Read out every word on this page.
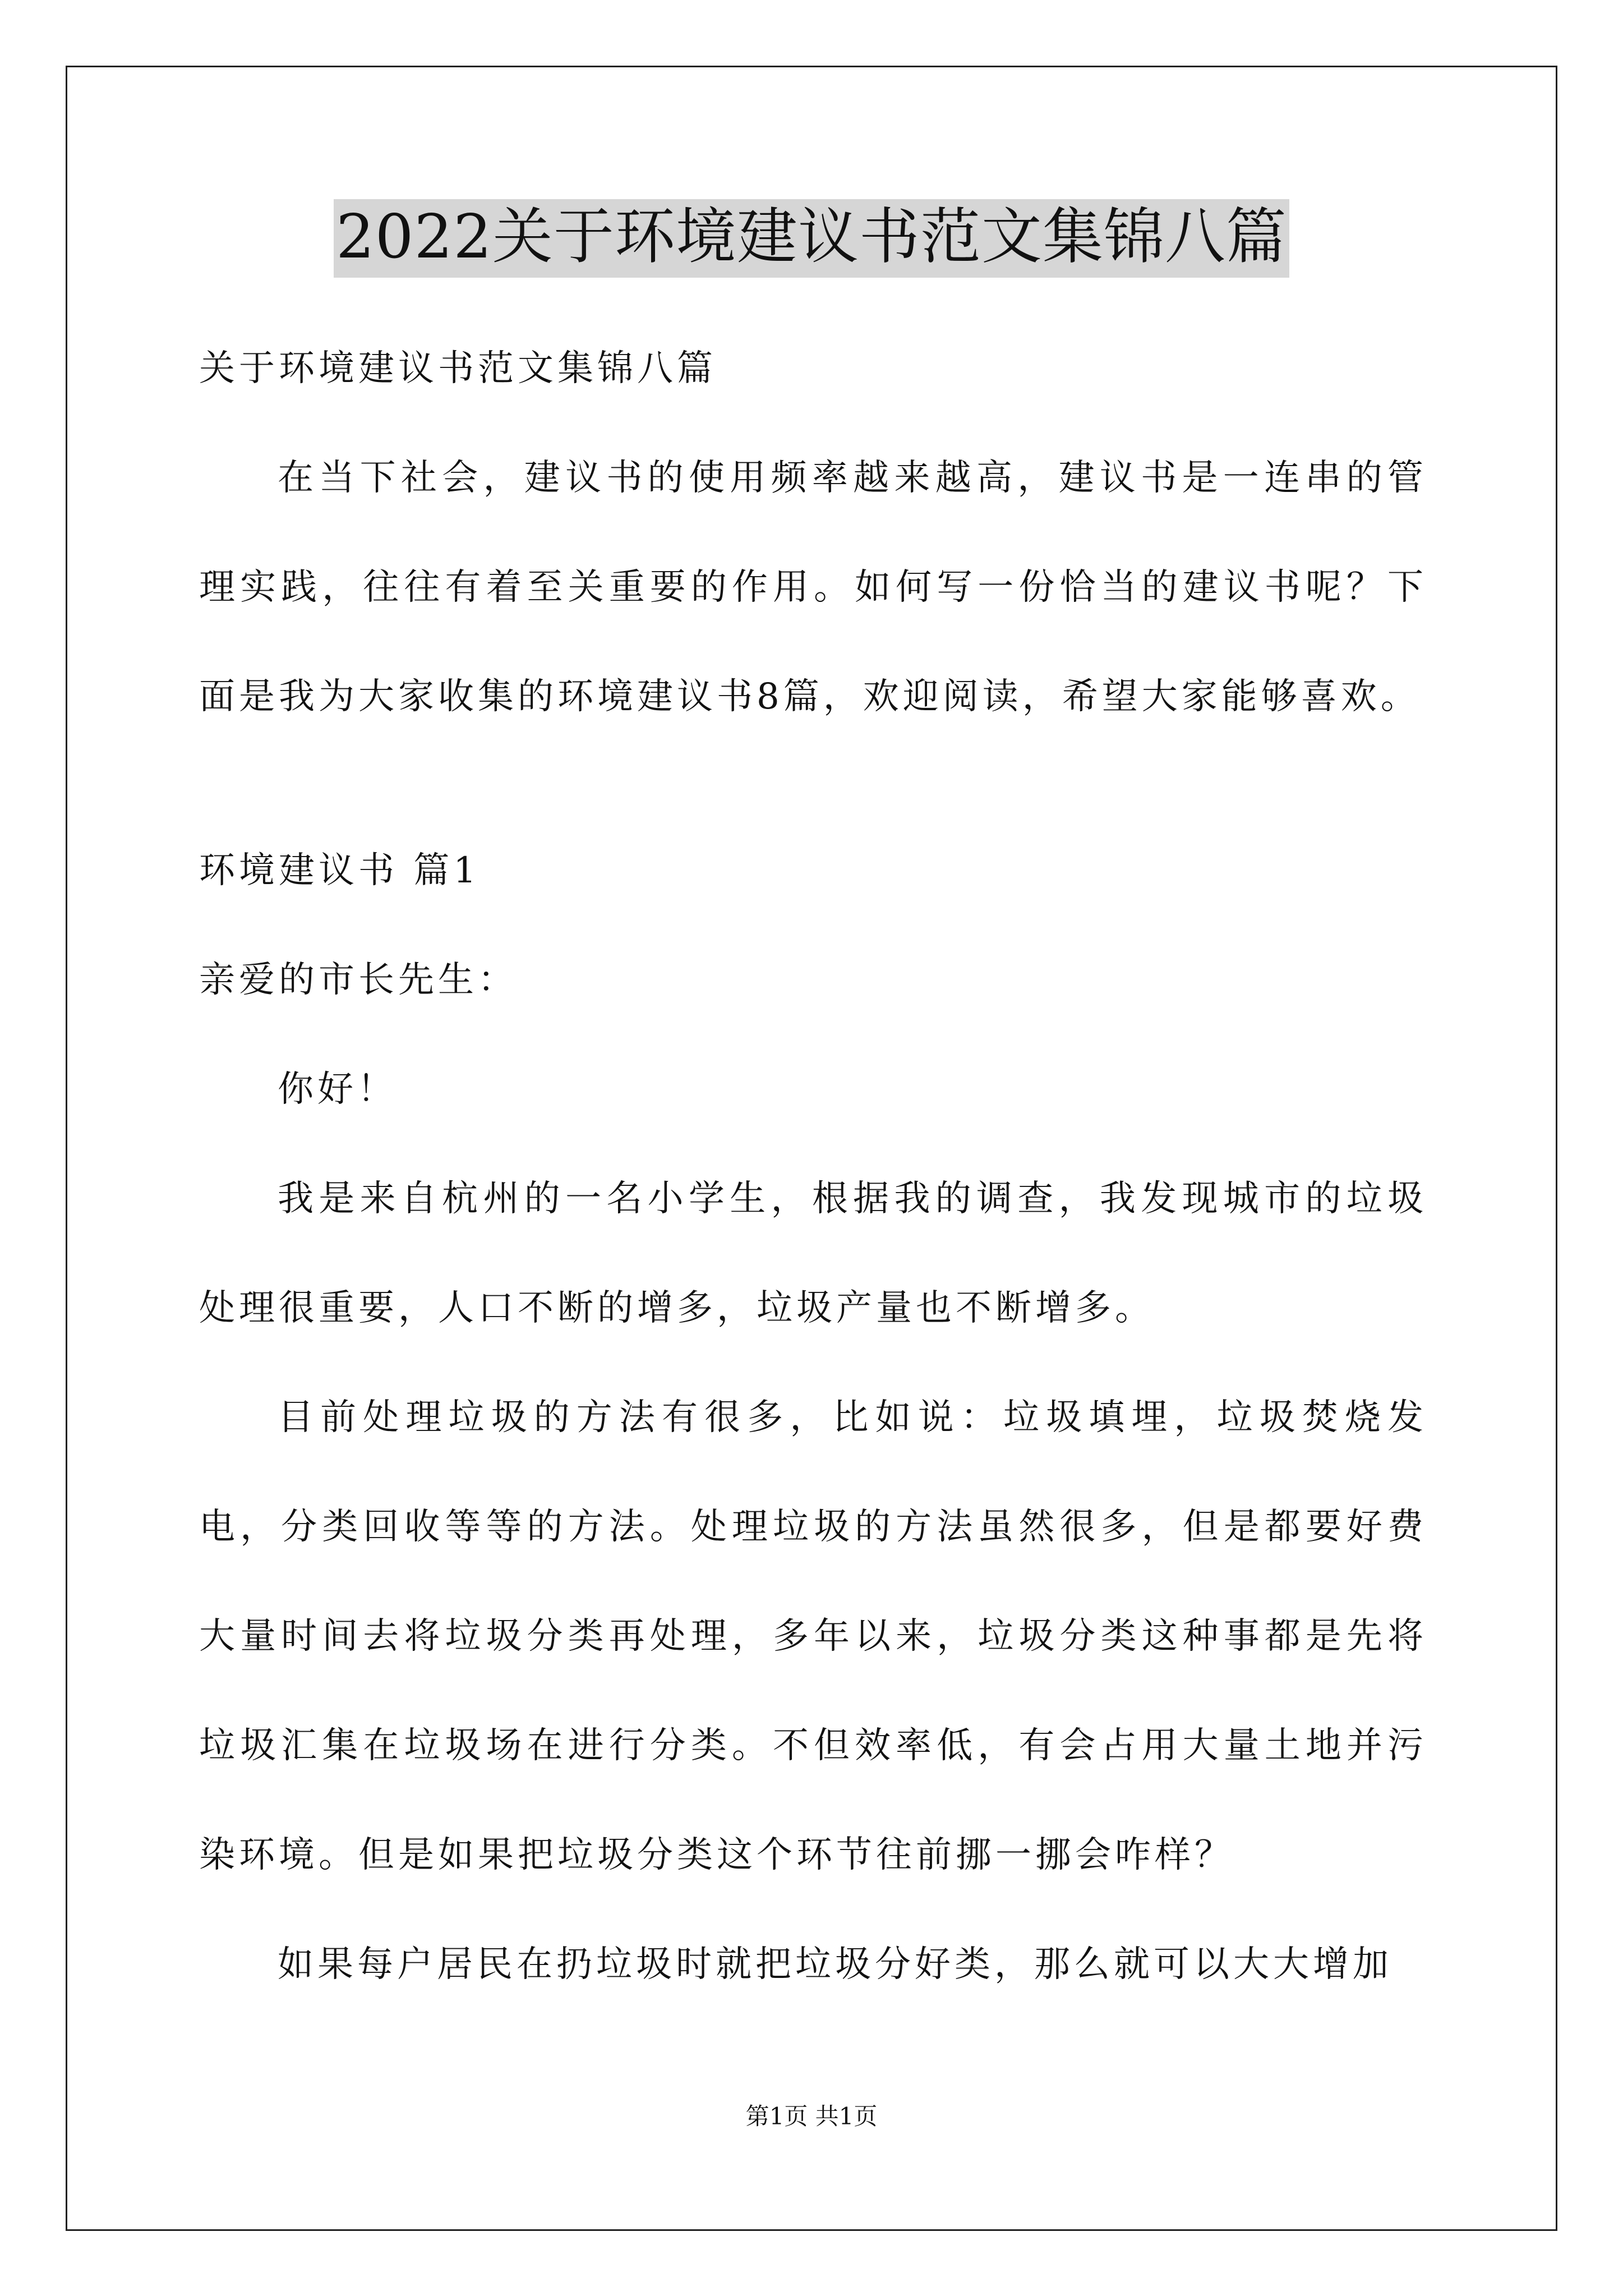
2022关于环境建议书范文集锦八篇

关于环境建议书范文集锦八篇

在当下社会，建议书的使用频率越来越高，建议书是一连串的管理实践，往往有着至关重要的作用。如何写一份恰当的建议书呢？下面是我为大家收集的环境建议书8篇，欢迎阅读，希望大家能够喜欢。

环境建议书 篇1

亲爱的市长先生：

你好！

我是来自杭州的一名小学生，根据我的调查，我发现城市的垃圾处理很重要，人口不断的增多，垃圾产量也不断增多。

目前处理垃圾的方法有很多，比如说：垃圾填埋，垃圾焚烧发电，分类回收等等的方法。处理垃圾的方法虽然很多，但是都要好费大量时间去将垃圾分类再处理，多年以来，垃圾分类这种事都是先将垃圾汇集在垃圾场在进行分类。不但效率低，有会占用大量土地并污染环境。但是如果把垃圾分类这个环节往前挪一挪会咋样？

如果每户居民在扔垃圾时就把垃圾分好类，那么就可以大大增加

第1页 共1页
